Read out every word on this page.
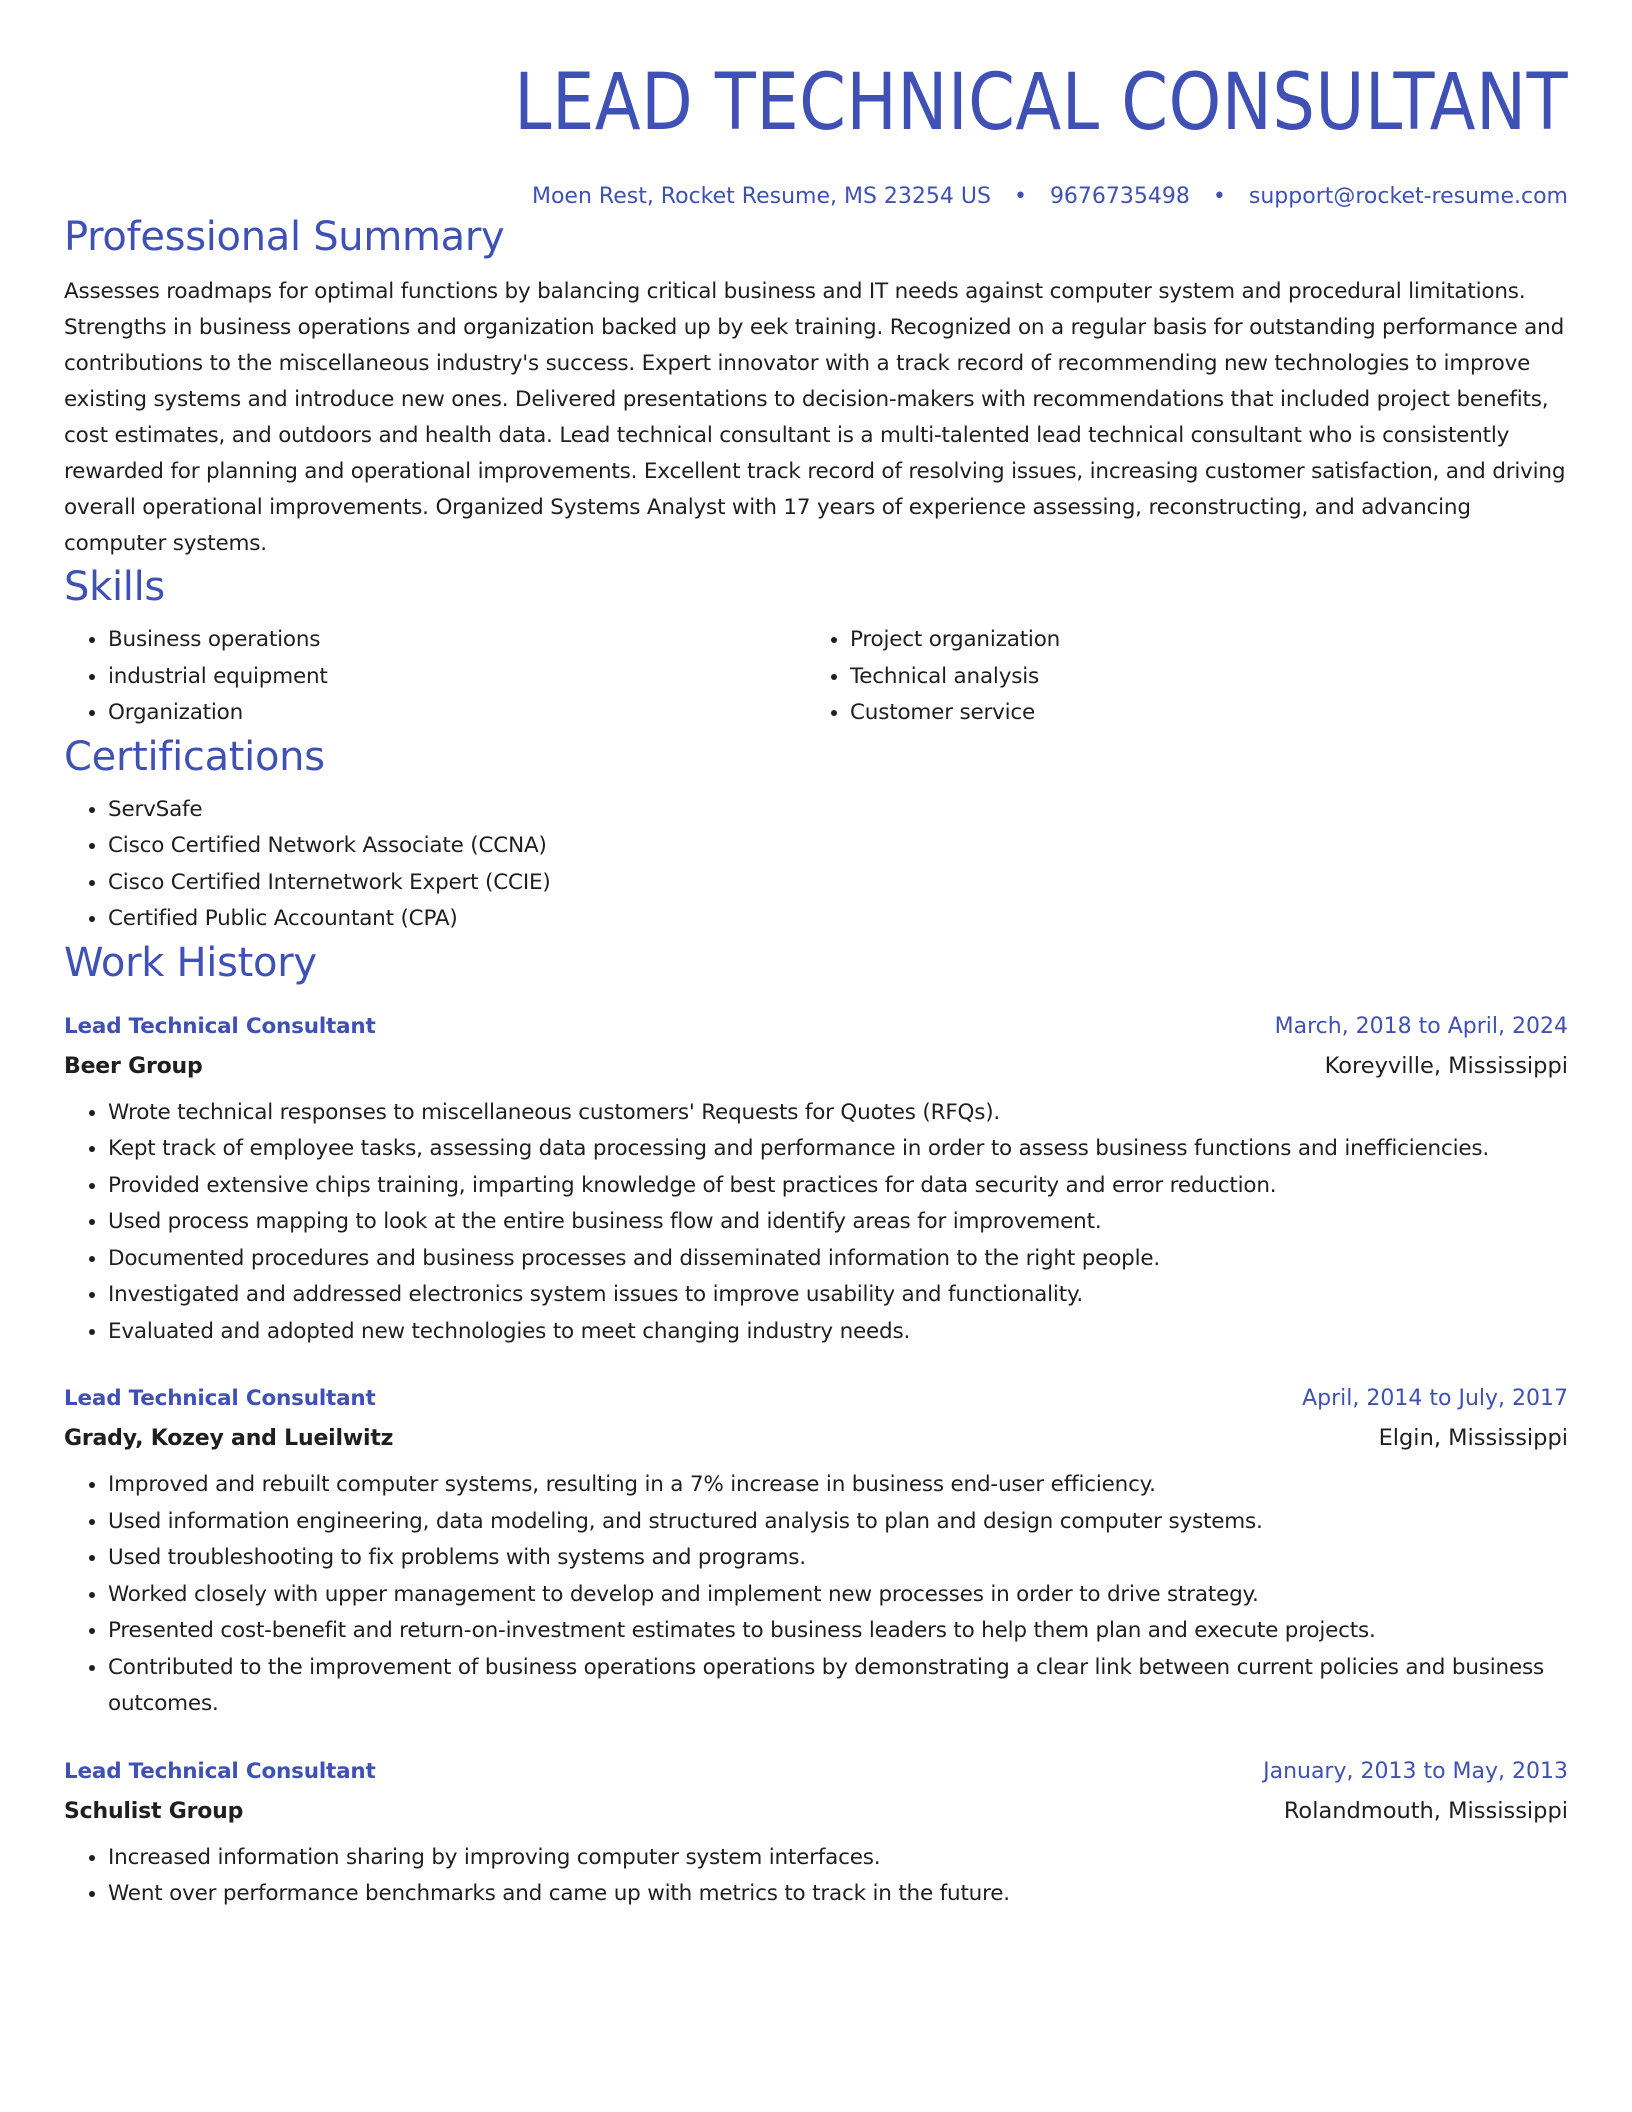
LEAD TECHNICAL CONSULTANT
Moen Rest, Rocket Resume, MS 23254 US • 9676735498 • support@rocket-resume.com
Professional Summary

Assesses roadmaps for optimal functions by balancing critical business and IT needs against computer system and procedural limitations. Strengths in business operations and organization backed up by eek training. Recognized on a regular basis for outstanding performance and contributions to the miscellaneous industry's success. Expert innovator with a track record of recommending new technologies to improve existing systems and introduce new ones. Delivered presentations to decision-makers with recommendations that included project benefits, cost estimates, and outdoors and health data. Lead technical consultant is a multi-talented lead technical consultant who is consistently rewarded for planning and operational improvements. Excellent track record of resolving issues, increasing customer satisfaction, and driving overall operational improvements. Organized Systems Analyst with 17 years of experience assessing, reconstructing, and advancing computer systems.

Skills
• Business operations
• industrial equipment
• Organization
• Project organization
• Technical analysis
• Customer service
Certifications
• ServSafe
• Cisco Certified Network Associate (CCNA)
• Cisco Certified Internetwork Expert (CCIE)
• Certified Public Accountant (CPA)
Work History
Lead Technical Consultant	March, 2018 to April, 2024
Beer Group	Koreyville, Mississippi
• Wrote technical responses to miscellaneous customers' Requests for Quotes (RFQs).
• Kept track of employee tasks, assessing data processing and performance in order to assess business functions and inefficiencies.
• Provided extensive chips training, imparting knowledge of best practices for data security and error reduction.
• Used process mapping to look at the entire business flow and identify areas for improvement.
• Documented procedures and business processes and disseminated information to the right people.
• Investigated and addressed electronics system issues to improve usability and functionality.
• Evaluated and adopted new technologies to meet changing industry needs.
Lead Technical Consultant	April, 2014 to July, 2017
Grady, Kozey and Lueilwitz	Elgin, Mississippi
• Improved and rebuilt computer systems, resulting in a 7% increase in business end-user efficiency.
• Used information engineering, data modeling, and structured analysis to plan and design computer systems.
• Used troubleshooting to fix problems with systems and programs.
• Worked closely with upper management to develop and implement new processes in order to drive strategy.
• Presented cost-benefit and return-on-investment estimates to business leaders to help them plan and execute projects.
• Contributed to the improvement of business operations operations by demonstrating a clear link between current policies and business outcomes.
Lead Technical Consultant	January, 2013 to May, 2013
Schulist Group	Rolandmouth, Mississippi
• Increased information sharing by improving computer system interfaces.
• Went over performance benchmarks and came up with metrics to track in the future.
